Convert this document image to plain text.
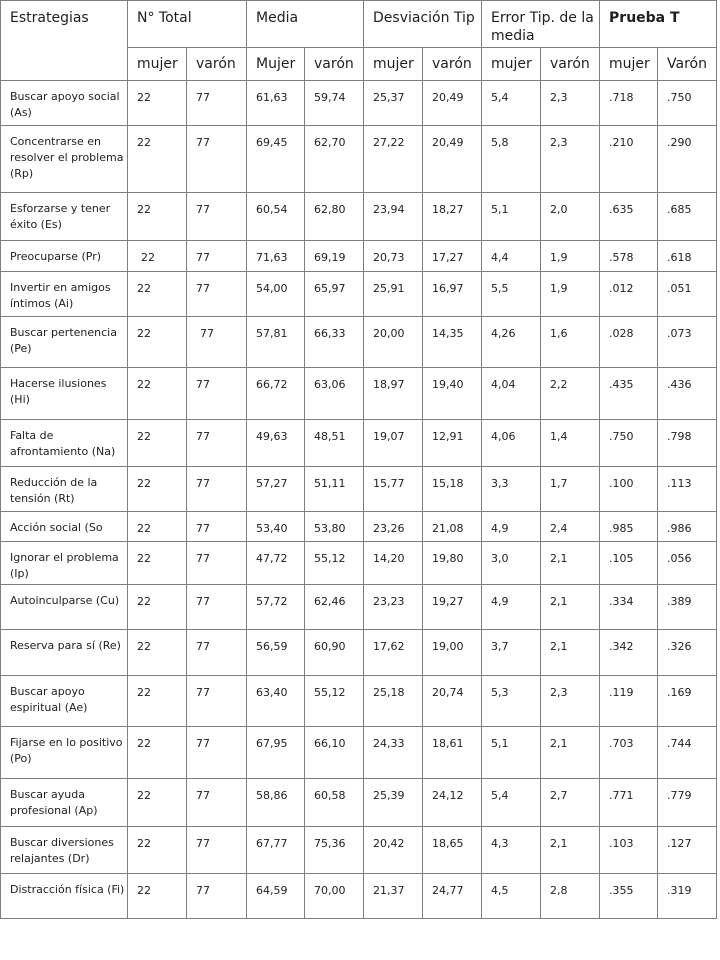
Estrategias	N° Total		Media		Desviación Tip		Error Tip. de la media		Prueba T	
	mujer	varón	Mujer	varón	mujer	varón	mujer	varón	mujer	Varón
Buscar apoyo social (As)	22	77	61,63	59,74	25,37	20,49	5,4	2,3	.718	.750
Concentrarse en resolver el problema (Rp)	22	77	69,45	62,70	27,22	20,49	5,8	2,3	.210	.290
Esforzarse y tener éxito (Es)	22	77	60,54	62,80	23,94	18,27	5,1	2,0	.635	.685
Preocuparse (Pr)	22	77	71,63	69,19	20,73	17,27	4,4	1,9	.578	.618
Invertir en amigos íntimos (Ai)	22	77	54,00	65,97	25,91	16,97	5,5	1,9	.012	.051
Buscar pertenencia (Pe)	22	77	57,81	66,33	20,00	14,35	4,26	1,6	.028	.073
Hacerse ilusiones (Hi)	22	77	66,72	63,06	18,97	19,40	4,04	2,2	.435	.436
Falta de afrontamiento (Na)	22	77	49,63	48,51	19,07	12,91	4,06	1,4	.750	.798
Reducción de la tensión (Rt)	22	77	57,27	51,11	15,77	15,18	3,3	1,7	.100	.113
Acción social (So	22	77	53,40	53,80	23,26	21,08	4,9	2,4	.985	.986
Ignorar el problema (Ip)	22	77	47,72	55,12	14,20	19,80	3,0	2,1	.105	.056
Autoinculparse (Cu)	22	77	57,72	62,46	23,23	19,27	4,9	2,1	.334	.389
Reserva para sí (Re)	22	77	56,59	60,90	17,62	19,00	3,7	2,1	.342	.326
Buscar apoyo espiritual (Ae)	22	77	63,40	55,12	25,18	20,74	5,3	2,3	.119	.169
Fijarse en lo positivo (Po)	22	77	67,95	66,10	24,33	18,61	5,1	2,1	.703	.744
Buscar ayuda profesional (Ap)	22	77	58,86	60,58	25,39	24,12	5,4	2,7	.771	.779
Buscar diversiones relajantes (Dr)	22	77	67,77	75,36	20,42	18,65	4,3	2,1	.103	.127
Distracción física (Fi)	22	77	64,59	70,00	21,37	24,77	4,5	2,8	.355	.319
